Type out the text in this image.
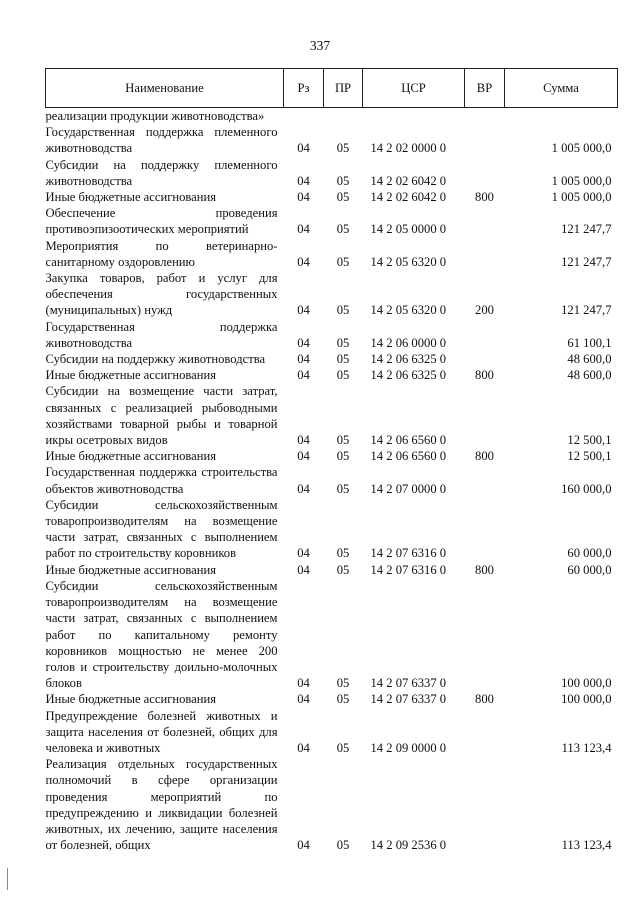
337
Наименование	Рз	ПР	ЦСР	ВР	Сумма
реализации продукции животноводства»					
Государственная поддержка племенного животноводства	04	05	14 2 02 0000 0		1 005 000,0
Субсидии на поддержку племенного животноводства	04	05	14 2 02 6042 0		1 005 000,0
Иные бюджетные ассигнования	04	05	14 2 02 6042 0	800	1 005 000,0
Обеспечение проведения противоэпизоотических мероприятий	04	05	14 2 05 0000 0		121 247,7
Мероприятия по ветеринарно-санитарному оздоровлению	04	05	14 2 05 6320 0		121 247,7
Закупка товаров, работ и услуг для обеспечения государственных (муниципальных) нужд	04	05	14 2 05 6320 0	200	121 247,7
Государственная поддержка животноводства	04	05	14 2 06 0000 0		61 100,1
Субсидии на поддержку животноводства	04	05	14 2 06 6325 0		48 600,0
Иные бюджетные ассигнования	04	05	14 2 06 6325 0	800	48 600,0
Субсидии на возмещение части затрат, связанных с реализацией рыбоводными хозяйствами товарной рыбы и товарной икры осетровых видов	04	05	14 2 06 6560 0		12 500,1
Иные бюджетные ассигнования	04	05	14 2 06 6560 0	800	12 500,1
Государственная поддержка строительства объектов животноводства	04	05	14 2 07 0000 0		160 000,0
Субсидии сельскохозяйственным товаропроизводителям на возмещение части затрат, связанных с выполнением работ по строительству коровников	04	05	14 2 07 6316 0		60 000,0
Иные бюджетные ассигнования	04	05	14 2 07 6316 0	800	60 000,0
Субсидии сельскохозяйственным товаропроизводителям на возмещение части затрат, связанных с выполнением работ по капитальному ремонту коровников мощностью не менее 200 голов и строительству доильно-молочных блоков	04	05	14 2 07 6337 0		100 000,0
Иные бюджетные ассигнования	04	05	14 2 07 6337 0	800	100 000,0
Предупреждение болезней животных и защита населения от болезней, общих для человека и животных	04	05	14 2 09 0000 0		113 123,4
Реализация отдельных государственных полномочий в сфере организации проведения мероприятий по предупреждению и ликвидации болезней животных, их лечению, защите населения от болезней, общих	04	05	14 2 09 2536 0		113 123,4
